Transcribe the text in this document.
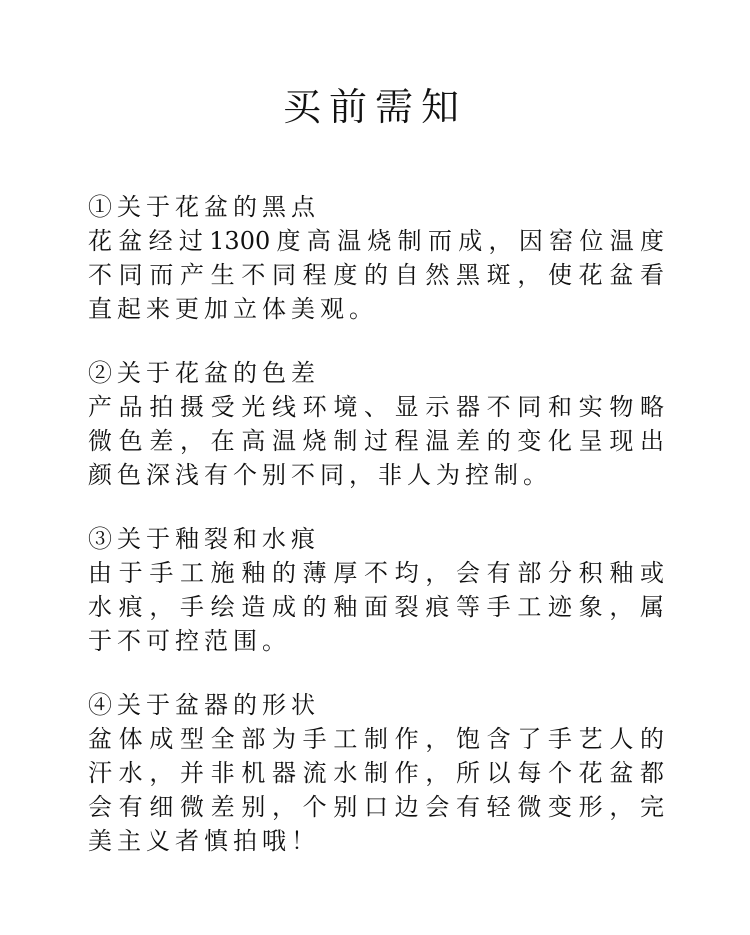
买前需知

①关于花盆的黑点

花盆经过1300度高温烧制而成，因窑位温度

不同而产生不同程度的自然黑斑，使花盆看

直起来更加立体美观。

②关于花盆的色差

产品拍摄受光线环境、显示器不同和实物略

微色差，在高温烧制过程温差的变化呈现出

颜色深浅有个别不同，非人为控制。

③关于釉裂和水痕

由于手工施釉的薄厚不均，会有部分积釉或

水痕，手绘造成的釉面裂痕等手工迹象，属

于不可控范围。

④关于盆器的形状

盆体成型全部为手工制作，饱含了手艺人的

汗水，并非机器流水制作，所以每个花盆都

会有细微差别，个别口边会有轻微变形，完

美主义者慎拍哦！
